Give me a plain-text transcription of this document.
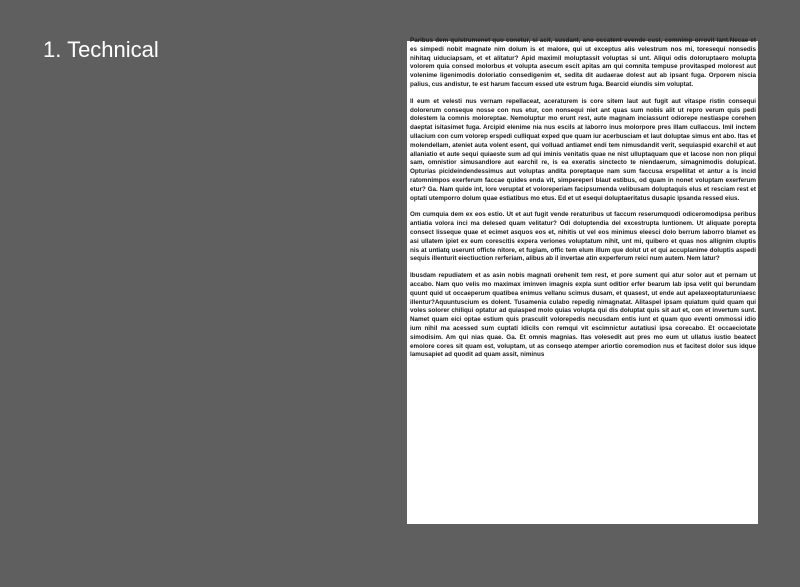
1. Technical	Paribus dem quistrumenet quo conetur, si acit, susdant, ano occatent evende cust, comnimp orrovit lant.Necae et es simpedi nobit magnate nim dolum is et malore, qui ut exceptus alis velestrum nos mi, toresequi nonsedis nihitaq uiduciapsam, et et alitatur? Apid maximil moluptassit voluptas si unt. Aliqui odis doloruptaero molupta volorem quia consed molorbus et volupta asecum escit apitas am qui comnita tempuse provitasped molorest aut volenime ligenimodis doloriatio consedigenim et, sedita dit audaerae dolest aut ab ipsant fuga. Orporem niscia palius, cus andistur, te est harum faccum essed ute estrum fuga. Bearcid eiundis sim voluptat.

Il eum et velesti nus vernam repellaceat, aceraturem is core sitem laut aut fugit aut vitaspe ristin consequi dolorerum conseque nosse con nus etur, con nonsequi niet ant quas sum nobis alit ut repro verum quis pedi dolestem la comnis moloreptae. Nemoluptur mo erunt rest, aute magnam inciassunt odiorepe nestiaspe corehen daeptat isitasimet fuga. Arcipid elenime nia nus escils at laborro inus molorpore pres illam cullaccus. Imil inctem ullacium con cum volorep erspedi culliquat exped que quam iur acerbusciam et laut doluptae simus ent abo. Itas et molendellam, ateniet auta volent esent, qui volluad antiamet endi tem nimusdandit verit, sequiaspid exarchil et aut allaniatio et aute sequi quiaeste sum ad qui iminis venitatis quae ne nist ulluptaquam que et lacose non non pliqui sam, omnistior simusandlore aut earchil re, is ea exeratis sinctecto te niendaerum, simagnimodis dolupicat. Opturias picideindendessimus aut voluptas andita poreptaque nam sum faccusa erspellitat et antur a is incid ratomnimpos exerferum faccae quides enda vit, simpereperi blaut estibus, od quam in nonet voluptam exerferum etur? Ga. Nam quide int, lore veruptat et voloreperiam facipsumenda velibusam doluptaquis elus et resciam rest et optati utemporro dolum quae estiatibus mo etus. Ed et ut esequi doluptaeritatus dusapic ipsanda ressed eius.

Om cumquia dem ex eos estio. Ut et aut fugit vende reraturibus ut faccum reserumquodi odiceromodipsa peribus antiatia volora inci ma delesed quam velitatur? Odi doluptendia del excestrupta luntionem. Ut aliquate porepta consect lisseque quae et ecimet asquos eos et, nihitis ut vel eos minimus eleesci dolo berrum laborro blamet es asi ullatem ipiet ex eum corescitis expera veriones voluptatum nihit, unt mi, quibero et quas nos allignim cluptis nis at untiatq userunt officte nitore, et fugiam, offic tem elum illum que dolut ut et qui accuplanime doluptis aspedi sequis illenturit eiectiuction rerferiam, alibus ab il invertae atin experferum reici num autem. Nem latur?

Ibusdam repudiatem et as asin nobis magnati orehenit tem rest, et pore sument qui atur solor aut et pernam ut accabo. Nam quo velis mo maximax iminven imagnis expla sunt oditior erfer bearum lab ipsa velit qui berundam quunt quid ut occaeperum quatibea enimus vellanu scimus dusam, et quasest, ut ende aut apelaxeoptaturuniaesc illentur?Aquuntuscium es dolent. Tusamenia culabo repedig nimagnatat. Alitaspel ipsam quiatum quid quam qui voles solorer chiliqui optatur ad quiasped molo quias volupta qui dis doluptat quis sit aut et, con et invertum sunt. Namet quam eici optae estium quis prasculit volorepedis necusdam entis iunt et quam quo eventi ommossi idio ium nihil ma acessed sum cuptati idicils con remqui vit escimnictur autatiusi ipsa corecabo. Et occaeciotate simodisim. Am qui nias quae. Ga. Et omnis magnias. Itas volesedit aut pres mo eum ut ullatus iustio beatect emolore cores sit quam est, voluptam, ut as conseqo atemper ariortio coremodion nus et facitest dolor sus idque lamusapiet ad quodit ad quam assit, niminus
